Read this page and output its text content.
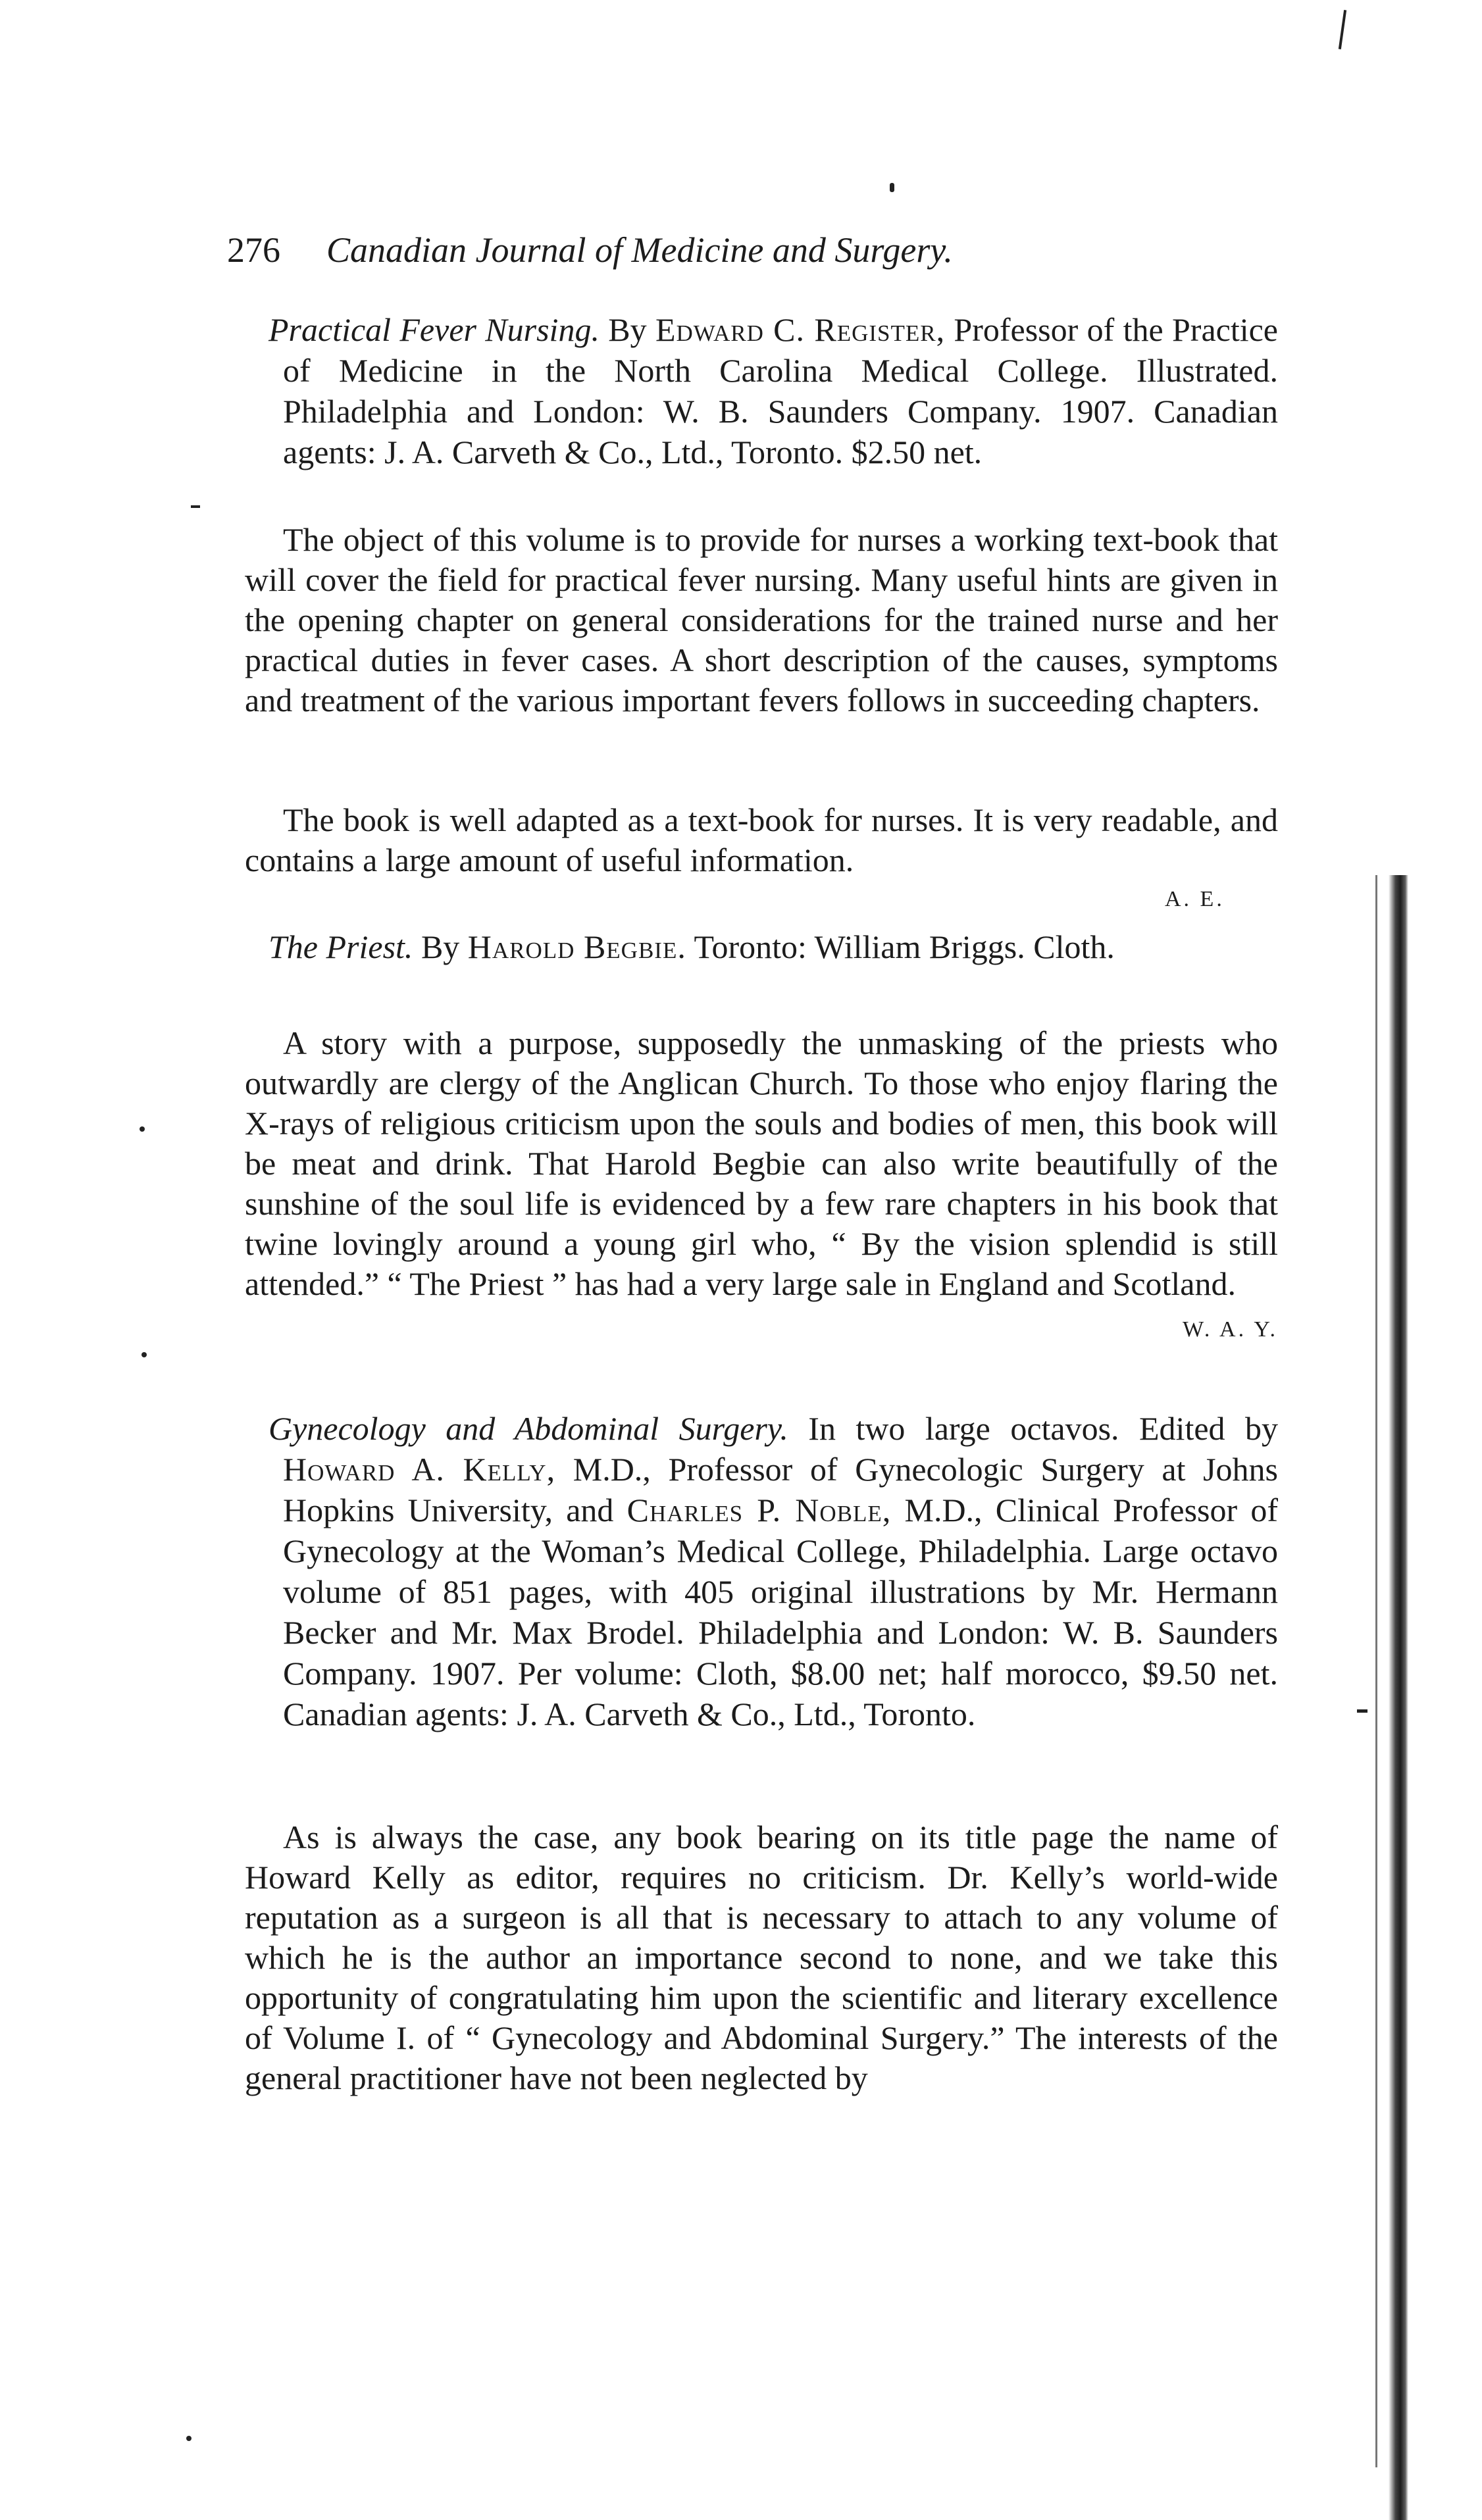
276 Canadian Journal of Medicine and Surgery.
Practical Fever Nursing. By Edward C. Register, Professor of the Practice of Medicine in the North Carolina Medical College. Illustrated. Philadelphia and London: W. B. Saunders Company. 1907. Canadian agents: J. A. Carveth & Co., Ltd., Toronto. $2.50 net.
The object of this volume is to provide for nurses a working text-book that will cover the field for practical fever nursing. Many useful hints are given in the opening chapter on general considerations for the trained nurse and her practical duties in fever cases. A short description of the causes, symptoms and treatment of the various important fevers follows in succeeding chapters.
The book is well adapted as a text-book for nurses. It is very readable, and contains a large amount of useful information.
A. E.
The Priest. By Harold Begbie. Toronto: William Briggs. Cloth.
A story with a purpose, supposedly the unmasking of the priests who outwardly are clergy of the Anglican Church. To those who enjoy flaring the X-rays of religious criticism upon the souls and bodies of men, this book will be meat and drink. That Harold Begbie can also write beautifully of the sunshine of the soul life is evidenced by a few rare chapters in his book that twine lovingly around a young girl who, “ By the vision splendid is still attended.” “ The Priest ” has had a very large sale in England and Scotland.
W. A. Y.
Gynecology and Abdominal Surgery. In two large octavos. Edited by Howard A. Kelly, M.D., Professor of Gynecologic Surgery at Johns Hopkins University, and Charles P. Noble, M.D., Clinical Professor of Gynecology at the Woman’s Medical College, Philadelphia. Large octavo volume of 851 pages, with 405 original illustrations by Mr. Hermann Becker and Mr. Max Brodel. Philadelphia and London: W. B. Saunders Company. 1907. Per volume: Cloth, $8.00 net; half morocco, $9.50 net. Canadian agents: J. A. Carveth & Co., Ltd., Toronto.
As is always the case, any book bearing on its title page the name of Howard Kelly as editor, requires no criticism. Dr. Kelly’s world-wide reputation as a surgeon is all that is necessary to attach to any volume of which he is the author an importance second to none, and we take this opportunity of congratulating him upon the scientific and literary excellence of Volume I. of “ Gynecology and Abdominal Surgery.” The interests of the general practitioner have not been neglected by
